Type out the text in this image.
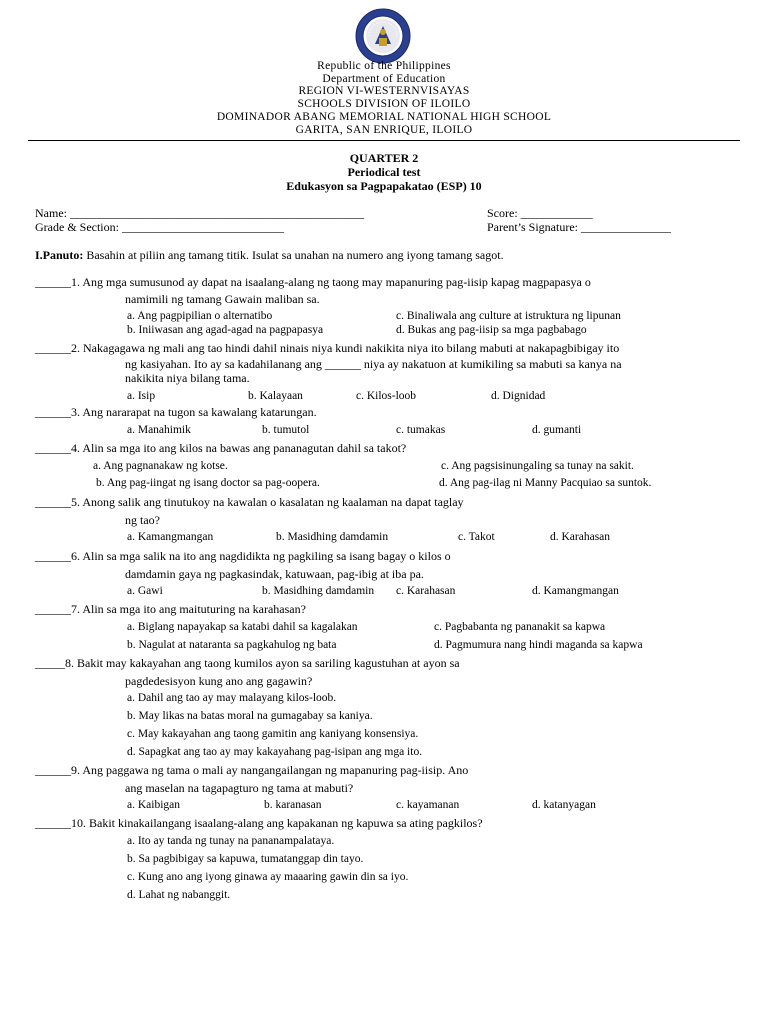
Republic of the Philippines
Department of Education
REGION VI-WESTERNVISAYAS
SCHOOLS DIVISION OF ILOILO
DOMINADOR ABANG MEMORIAL NATIONAL HIGH SCHOOL
GARITA, SAN ENRIQUE, ILOILO
QUARTER 2
Periodical test
Edukasyon sa Pagpapakatao (ESP) 10
Name: _________________________________________________	Score: ____________
Grade & Section: ___________________________	Parent’s Signature: _______________
I.Panuto: Basahin at piliin ang tamang titik. Isulat sa unahan na numero ang iyong tamang sagot.
______1. Ang mga sumusunod ay dapat na isaalang-alang ng taong may mapanuring pag-iisip kapag magpapasya o
namimili ng tamang Gawain maliban sa.
a. Ang pagpipilian o alternatibo	c. Binaliwala ang culture at istruktura ng lipunan
b. Iniiwasan ang agad-agad na pagpapasya	d. Bukas ang pag-iisip sa mga pagbabago
______2. Nakagagawa ng mali ang tao hindi dahil ninais niya kundi nakikita niya ito bilang mabuti at nakapagbibigay ito
ng kasiyahan. Ito ay sa kadahilanang ang ______ niya ay nakatuon at kumikiling sa mabuti sa kanya na
nakikita niya bilang tama.
a. Isip	b. Kalayaan	c. Kilos-loob	d. Dignidad
______3. Ang nararapat na tugon sa kawalang katarungan.
a. Manahimik	b. tumutol	c. tumakas	d. gumanti
______4. Alin sa mga ito ang kilos na bawas ang pananagutan dahil sa takot?
a. Ang pagnanakaw ng kotse.	c. Ang pagsisinungaling sa tunay na sakit.
b. Ang pag-iingat ng isang doctor sa pag-oopera.	d. Ang pag-ilag ni Manny Pacquiao sa suntok.
______5. Anong salik ang tinutukoy na kawalan o kasalatan ng kaalaman na dapat taglay
ng tao?
a. Kamangmangan	b. Masidhing damdamin	c. Takot	d. Karahasan
______6. Alin sa mga salik na ito ang nagdidikta ng pagkiling sa isang bagay o kilos o
damdamin gaya ng pagkasindak, katuwaan, pag-ibig at iba pa.
a. Gawi	b. Masidhing damdamin c. Karahasan	d. Kamangmangan
______7. Alin sa mga ito ang maituturing na karahasan?
a. Biglang napayakap sa katabi dahil sa kagalakan	c. Pagbabanta ng pananakit sa kapwa
b. Nagulat at nataranta sa pagkahulog ng bata	d. Pagmumura nang hindi maganda sa kapwa
_____8. Bakit may kakayahan ang taong kumilos ayon sa sariling kagustuhan at ayon sa
pagdedesisyon kung ano ang gagawin?
a. Dahil ang tao ay may malayang kilos-loob.
b. May likas na batas moral na gumagabay sa kaniya.
c. May kakayahan ang taong gamitin ang kaniyang konsensiya.
d. Sapagkat ang tao ay may kakayahang pag-isipan ang mga ito.
______9. Ang paggawa ng tama o mali ay nangangailangan ng mapanuring pag-iisip. Ano
ang maselan na tagapagturo ng tama at mabuti?
a. Kaibigan	b. karanasan	c. kayamanan	d. katanyagan
______10. Bakit kinakailangang isaalang-alang ang kapakanan ng kapuwa sa ating pagkilos?
a. Ito ay tanda ng tunay na pananampalataya.
b. Sa pagbibigay sa kapuwa, tumatanggap din tayo.
c. Kung ano ang iyong ginawa ay maaaring gawin din sa iyo.
d. Lahat ng nabanggit.
